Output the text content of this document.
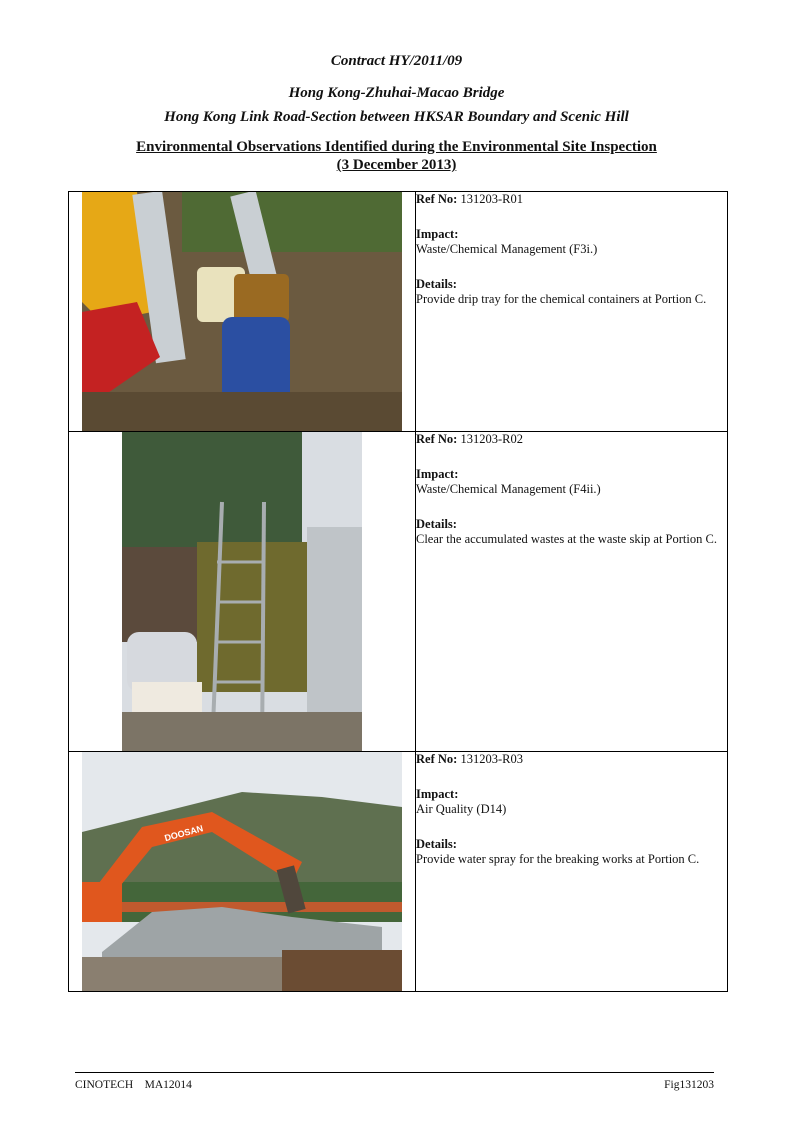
Contract HY/2011/09
Hong Kong-Zhuhai-Macao Bridge
Hong Kong Link Road-Section between HKSAR Boundary and Scenic Hill
Environmental Observations Identified during the Environmental Site Inspection
(3 December 2013)

Ref No: 131203-R01
Impact:
Waste/Chemical Management (F3i.)
Details:
Provide drip tray for the chemical containers at Portion C.

Ref No: 131203-R02
Impact:
Waste/Chemical Management (F4ii.)
Details:
Clear the accumulated wastes at the waste skip at Portion C.

DOOSAN	Ref No: 131203-R03
Impact:
Air Quality (D14)
Details:
Provide water spray for the breaking works at Portion C.
CINOTECH    MA12014	Fig131203
